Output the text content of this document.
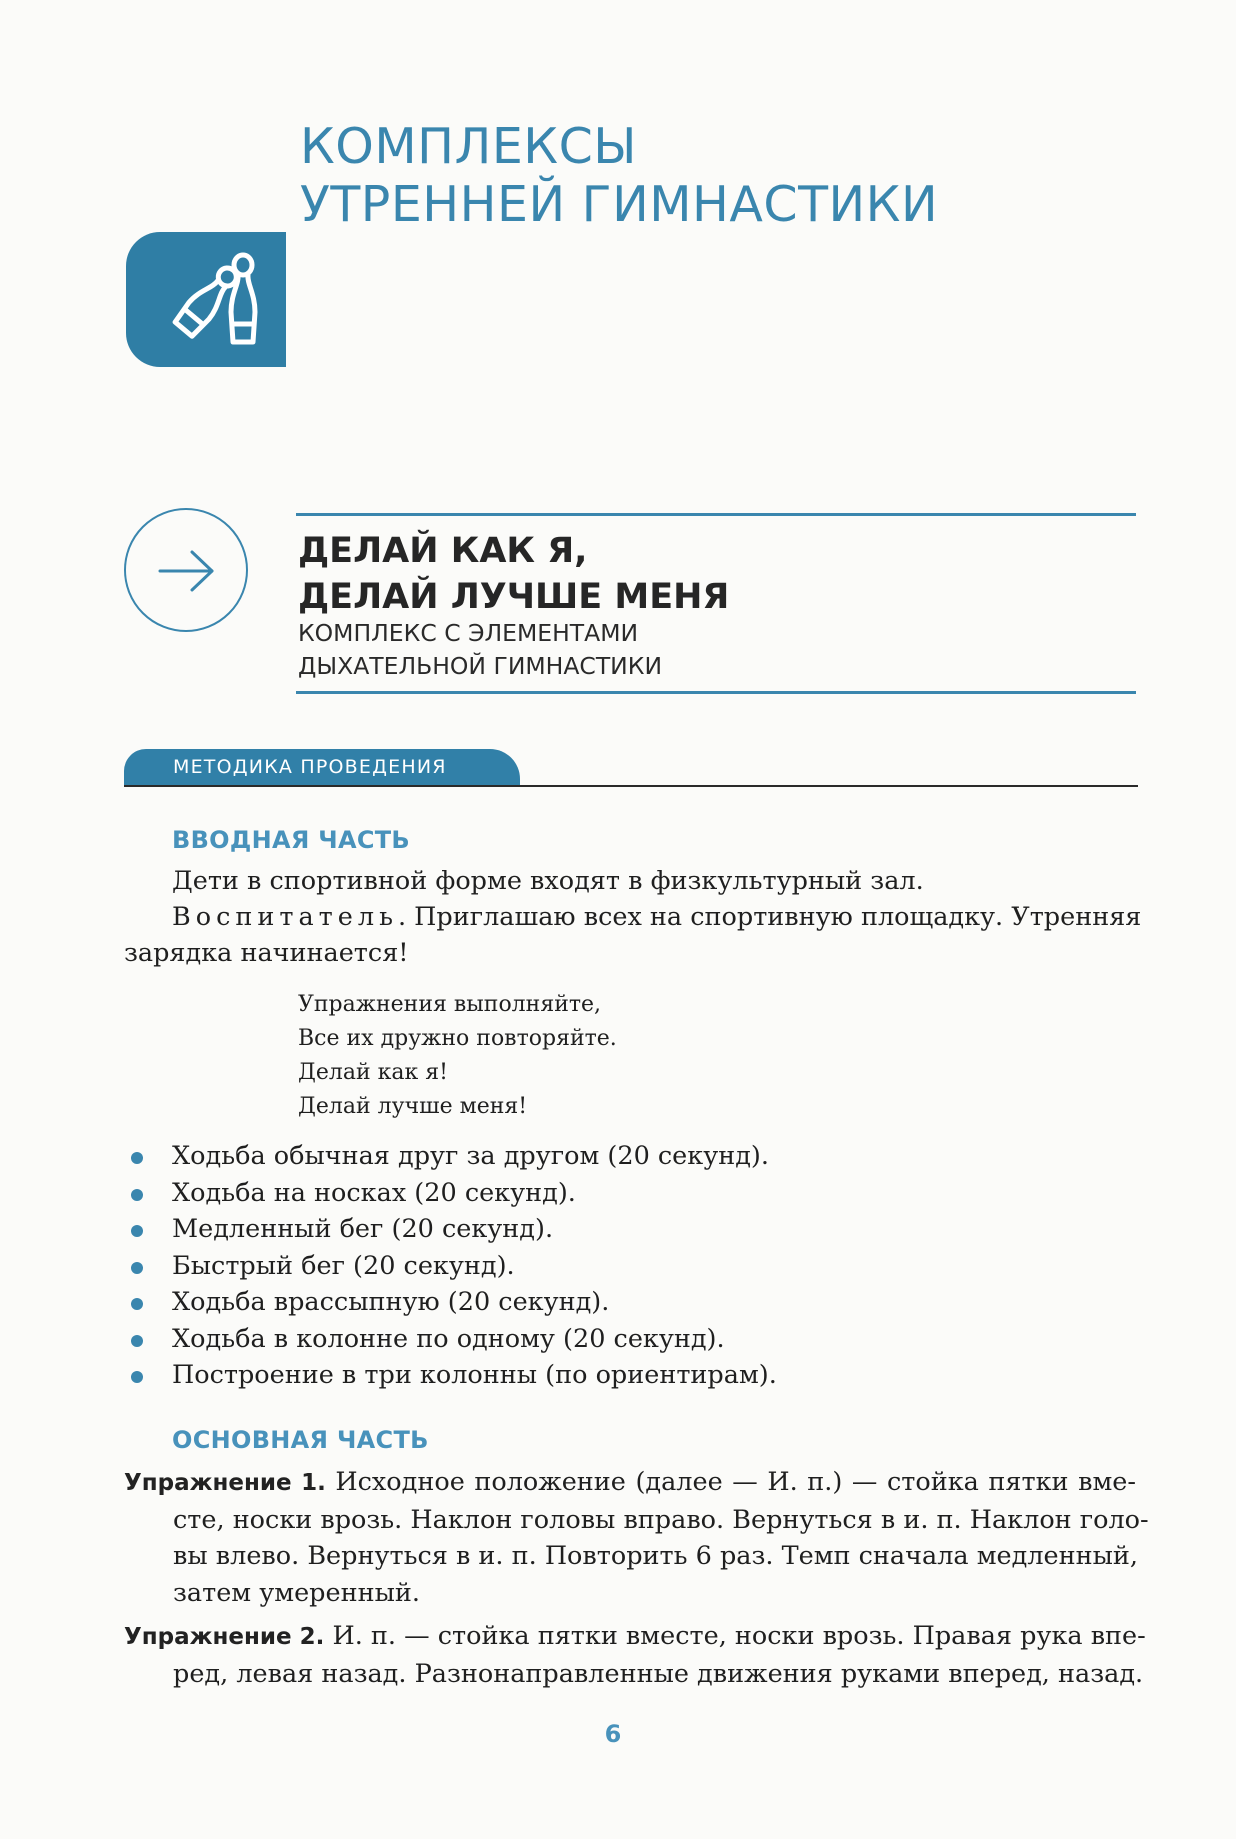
КОМПЛЕКСЫ
УТРЕННЕЙ ГИМНАСТИКИ
ДЕЛАЙ КАК Я,
ДЕЛАЙ ЛУЧШЕ МЕНЯ
КОМПЛЕКС С ЭЛЕМЕНТАМИ
ДЫХАТЕЛЬНОЙ ГИМНАСТИКИ
МЕТОДИКА ПРОВЕДЕНИЯ
ВВОДНАЯ ЧАСТЬ
Дети в спортивной форме входят в физкультурный зал.
Воспитатель. Приглашаю всех на спортивную площадку. Утренняя
зарядка начинается!
Упражнения выполняйте,
Все их дружно повторяйте.
Делай как я!
Делай лучше меня!
Ходьба обычная друг за другом (20 секунд).
Ходьба на носках (20 секунд).
Медленный бег (20 секунд).
Быстрый бег (20 секунд).
Ходьба врассыпную (20 секунд).
Ходьба в колонне по одному (20 секунд).
Построение в три колонны (по ориентирам).
ОСНОВНАЯ ЧАСТЬ
Упражнение 1. Исходное положение (далее — И. п.) — стойка пятки вме-
сте, носки врозь. Наклон головы вправо. Вернуться в и. п. Наклон голо-
вы влево. Вернуться в и. п. Повторить 6 раз. Темп сначала медленный,
затем умеренный.
Упражнение 2. И. п. — стойка пятки вместе, носки врозь. Правая рука впе-
ред, левая назад. Разнонаправленные движения руками вперед, назад.
6
